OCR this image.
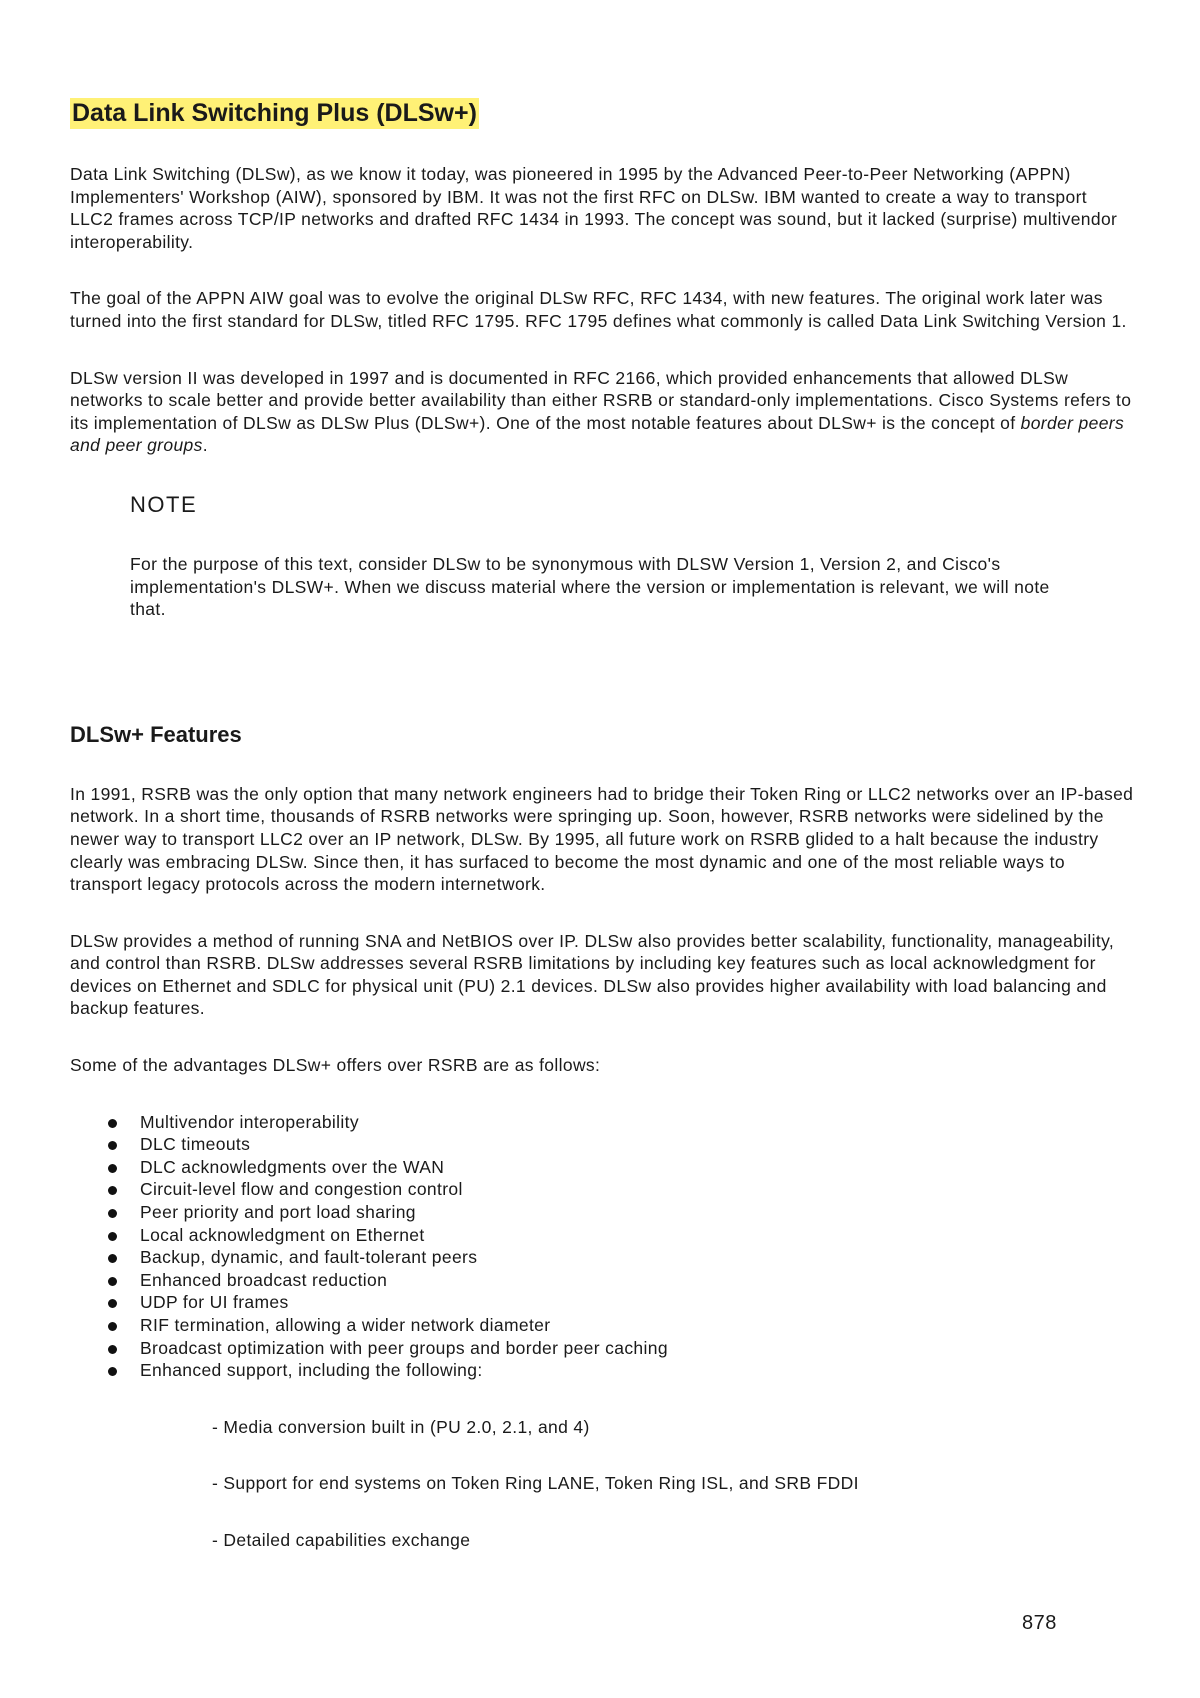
Data Link Switching Plus (DLSw+)

Data Link Switching (DLSw), as we know it today, was pioneered in 1995 by the Advanced Peer-to-Peer Networking (APPN) Implementers' Workshop (AIW), sponsored by IBM. It was not the first RFC on DLSw. IBM wanted to create a way to transport LLC2 frames across TCP/IP networks and drafted RFC 1434 in 1993. The concept was sound, but it lacked (surprise) multivendor interoperability.

The goal of the APPN AIW goal was to evolve the original DLSw RFC, RFC 1434, with new features. The original work later was turned into the first standard for DLSw, titled RFC 1795. RFC 1795 defines what commonly is called Data Link Switching Version 1.

DLSw version II was developed in 1997 and is documented in RFC 2166, which provided enhancements that allowed DLSw networks to scale better and provide better availability than either RSRB or standard-only implementations. Cisco Systems refers to its implementation of DLSw as DLSw Plus (DLSw+). One of the most notable features about DLSw+ is the concept of border peers and peer groups.

NOTE

For the purpose of this text, consider DLSw to be synonymous with DLSW Version 1, Version 2, and Cisco's implementation's DLSW+. When we discuss material where the version or implementation is relevant, we will note that.

DLSw+ Features

In 1991, RSRB was the only option that many network engineers had to bridge their Token Ring or LLC2 networks over an IP-based network. In a short time, thousands of RSRB networks were springing up. Soon, however, RSRB networks were sidelined by the newer way to transport LLC2 over an IP network, DLSw. By 1995, all future work on RSRB glided to a halt because the industry clearly was embracing DLSw. Since then, it has surfaced to become the most dynamic and one of the most reliable ways to transport legacy protocols across the modern internetwork.

DLSw provides a method of running SNA and NetBIOS over IP. DLSw also provides better scalability, functionality, manageability, and control than RSRB. DLSw addresses several RSRB limitations by including key features such as local acknowledgment for devices on Ethernet and SDLC for physical unit (PU) 2.1 devices. DLSw also provides higher availability with load balancing and backup features.

Some of the advantages DLSw+ offers over RSRB are as follows:

Multivendor interoperability
DLC timeouts
DLC acknowledgments over the WAN
Circuit-level flow and congestion control
Peer priority and port load sharing
Local acknowledgment on Ethernet
Backup, dynamic, and fault-tolerant peers
Enhanced broadcast reduction
UDP for UI frames
RIF termination, allowing a wider network diameter
Broadcast optimization with peer groups and border peer caching
Enhanced support, including the following:
- Media conversion built in (PU 2.0, 2.1, and 4)
- Support for end systems on Token Ring LANE, Token Ring ISL, and SRB FDDI
- Detailed capabilities exchange
878
